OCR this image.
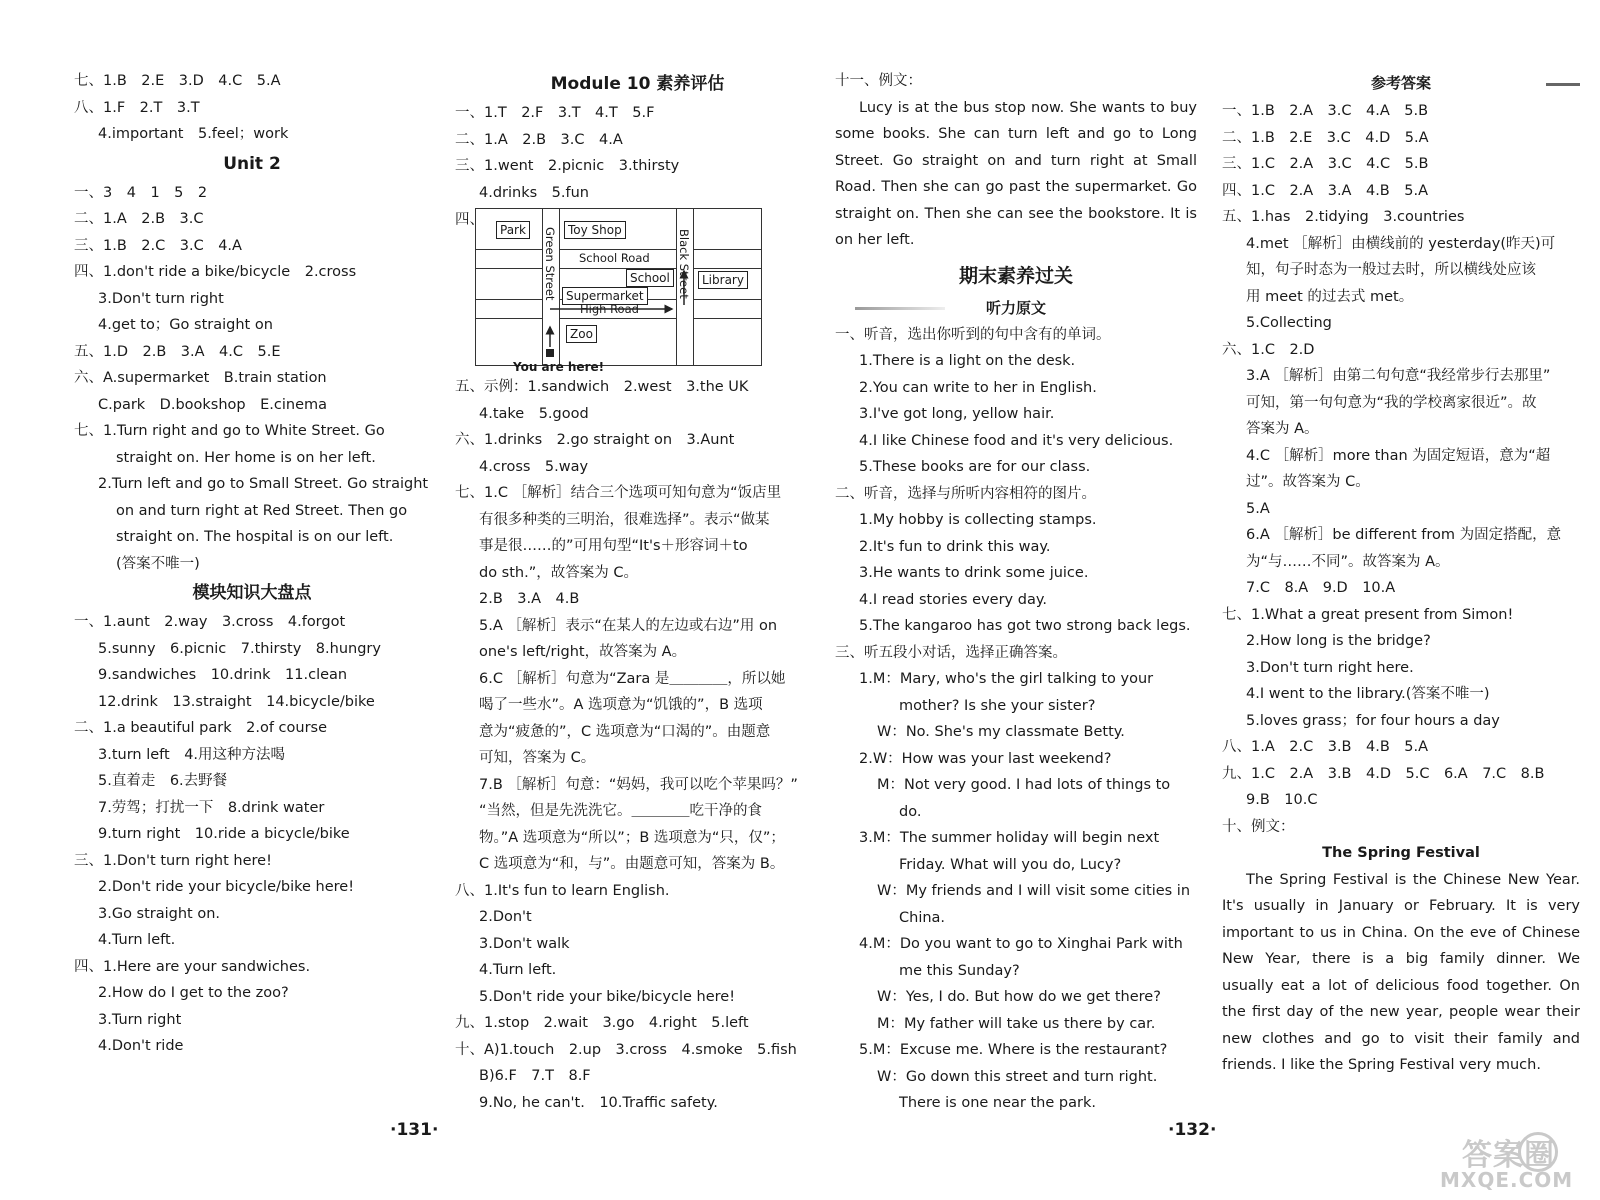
七、1.B　2.E　3.D　4.C　5.A
八、1.F　2.T　3.T
4.important　5.feel；work
Unit 2
一、3　4　1　5　2
二、1.A　2.B　3.C
三、1.B　2.C　3.C　4.A
四、1.don't ride a bike/bicycle　2.cross
3.Don't turn right
4.get to；Go straight on
五、1.D　2.B　3.A　4.C　5.E
六、A.supermarket　B.train station
C.park　D.bookshop　E.cinema
七、1.Turn right and go to White Street. Go
straight on. Her home is on her left.
2.Turn left and go to Small Street. Go straight
on and turn right at Red Street. Then go
straight on. The hospital is on our left.
(答案不唯一)
模块知识大盘点
一、1.aunt　2.way　3.cross　4.forgot
5.sunny　6.picnic　7.thirsty　8.hungry
9.sandwiches　10.drink　11.clean
12.drink　13.straight　14.bicycle/bike
二、1.a beautiful park　2.of course
3.turn left　4.用这种方法喝
5.直着走　6.去野餐
7.劳驾；打扰一下　8.drink water
9.turn right　10.ride a bicycle/bike
三、1.Don't turn right here!
2.Don't ride your bicycle/bike here!
3.Go straight on.
4.Turn left.
四、1.Here are your sandwiches.
2.How do I get to the zoo?
3.Turn right
4.Don't ride
Module 10 素养评估
一、1.T　2.F　3.T　4.T　5.F
二、1.A　2.B　3.C　4.A
三、1.went　2.picnic　3.thirsty
4.drinks　5.fun
四、
Park	Toy Shop
School Road
School	Library
Supermarket
High Road
Zoo
Green Street	Black Street
You are here!
五、示例：1.sandwich　2.west　3.the UK
4.take　5.good
六、1.drinks　2.go straight on　3.Aunt
4.cross　5.way
七、1.C ［解析］结合三个选项可知句意为“饭店里
有很多种类的三明治，很难选择”。表示“做某
事是很……的”可用句型“It's＋形容词＋to
do sth.”，故答案为 C。
2.B　3.A　4.B
5.A ［解析］表示“在某人的左边或右边”用 on
one's left/right，故答案为 A。
6.C ［解析］句意为“Zara 是＿＿＿＿，所以她
喝了一些水”。A 选项意为“饥饿的”，B 选项
意为“疲惫的”，C 选项意为“口渴的”。由题意
可知，答案为 C。
7.B ［解析］句意：“妈妈，我可以吃个苹果吗？”
“当然，但是先洗洗它。＿＿＿＿吃干净的食
物。”A 选项意为“所以”；B 选项意为“只，仅”；
C 选项意为“和，与”。由题意可知，答案为 B。
八、1.It's fun to learn English.
2.Don't
3.Don't walk
4.Turn left.
5.Don't ride your bike/bicycle here!
九、1.stop　2.wait　3.go　4.right　5.left
十、A)1.touch　2.up　3.cross　4.smoke　5.fish
B)6.F　7.T　8.F
9.No, he can't.　10.Traffic safety.
十一、例文：
Lucy is at the bus stop now. She wants to buy some books. She can turn left and go to Long Street. Go straight on and turn right at Small Road. Then she can go past the supermarket. Go straight on. Then she can see the bookstore. It is on her left.
期末素养过关
听力原文
一、听音，选出你听到的句中含有的单词。
1.There is a light on the desk.
2.You can write to her in English.
3.I've got long, yellow hair.
4.I like Chinese food and it's very delicious.
5.These books are for our class.
二、听音，选择与所听内容相符的图片。
1.My hobby is collecting stamps.
2.It's fun to drink this way.
3.He wants to drink some juice.
4.I read stories every day.
5.The kangaroo has got two strong back legs.
三、听五段小对话，选择正确答案。
1.M：Mary, who's the girl talking to your
mother? Is she your sister?
W：No. She's my classmate Betty.
2.W：How was your last weekend?
M：Not very good. I had lots of things to
do.
3.M：The summer holiday will begin next
Friday. What will you do, Lucy?
W：My friends and I will visit some cities in
China.
4.M：Do you want to go to Xinghai Park with
me this Sunday?
W：Yes, I do. But how do we get there?
M：My father will take us there by car.
5.M：Excuse me. Where is the restaurant?
W：Go down this street and turn right.
There is one near the park.
参考答案
一、1.B　2.A　3.C　4.A　5.B
二、1.B　2.E　3.C　4.D　5.A
三、1.C　2.A　3.C　4.C　5.B
四、1.C　2.A　3.A　4.B　5.A
五、1.has　2.tidying　3.countries
4.met ［解析］由横线前的 yesterday(昨天)可
知，句子时态为一般过去时，所以横线处应该
用 meet 的过去式 met。
5.Collecting
六、1.C　2.D
3.A ［解析］由第二句句意“我经常步行去那里”
可知，第一句句意为“我的学校离家很近”。故
答案为 A。
4.C ［解析］more than 为固定短语，意为“超
过”。故答案为 C。
5.A
6.A ［解析］be different from 为固定搭配，意
为“与……不同”。故答案为 A。
7.C　8.A　9.D　10.A
七、1.What a great present from Simon!
2.How long is the bridge?
3.Don't turn right here.
4.I went to the library.(答案不唯一)
5.loves grass；for four hours a day
八、1.A　2.C　3.B　4.B　5.A
九、1.C　2.A　3.B　4.D　5.C　6.A　7.C　8.B
9.B　10.C
十、例文：
The Spring Festival
The Spring Festival is the Chinese New Year. It's usually in January or February. It is very important to us in China. On the eve of Chinese New Year, there is a big family dinner. We usually eat a lot of delicious food together. On the first day of the new year, people wear their new clothes and go to visit their family and friends. I like the Spring Festival very much.
·131·	·132·
答案圈
MXQE.COM
